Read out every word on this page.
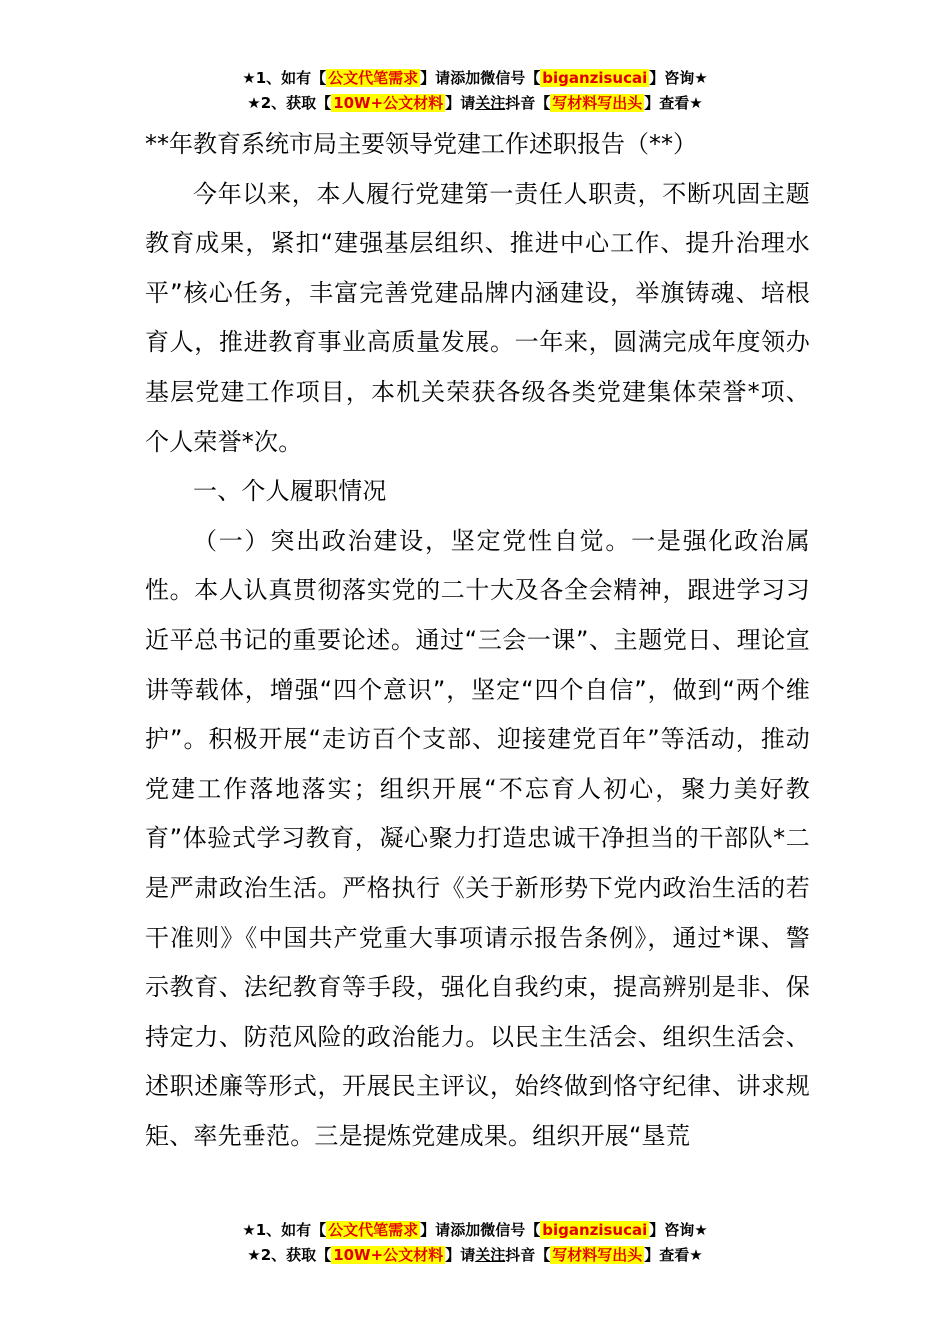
★1、如有【 公文代笔需求 】请添加微信号【 biganzisucai 】咨询★
★2、获取【 10W+公文材料 】请关注抖音【 写材料写出头 】查看★

**年教育系统市局主要领导党建工作述职报告（**）

今年以来，本人履行党建第一责任人职责，不断巩固主题教育成果，紧扣“建强基层组织、推进中心工作、提升治理水平”核心任务，丰富完善党建品牌内涵建设，举旗铸魂、培根育人，推进教育事业高质量发展。一年来，圆满完成年度领办基层党建工作项目，本机关荣获各级各类党建集体荣誉*项、个人荣誉*次。

一、个人履职情况

（一）突出政治建设，坚定党性自觉。一是强化政治属性。本人认真贯彻落实党的二十大及各全会精神，跟进学习习近平总书记的重要论述。通过“三会一课”、主题党日、理论宣讲等载体，增强“四个意识”，坚定“四个自信”，做到“两个维护”。积极开展“走访百个支部、迎接建党百年”等活动，推动党建工作落地落实；组织开展“不忘育人初心，聚力美好教育”体验式学习教育，凝心聚力打造忠诚干净担当的干部队*二是严肃政治生活。严格执行《关于新形势下党内政治生活的若干准则》《中国共产党重大事项请示报告条例》，通过*课、警示教育、法纪教育等手段，强化自我约束，提高辨别是非、保持定力、防范风险的政治能力。以民主生活会、组织生活会、述职述廉等形式，开展民主评议，始终做到恪守纪律、讲求规矩、率先垂范。三是提炼党建成果。组织开展“垦荒

★1、如有【 公文代笔需求 】请添加微信号【 biganzisucai 】咨询★
★2、获取【 10W+公文材料 】请关注抖音【 写材料写出头 】查看★
